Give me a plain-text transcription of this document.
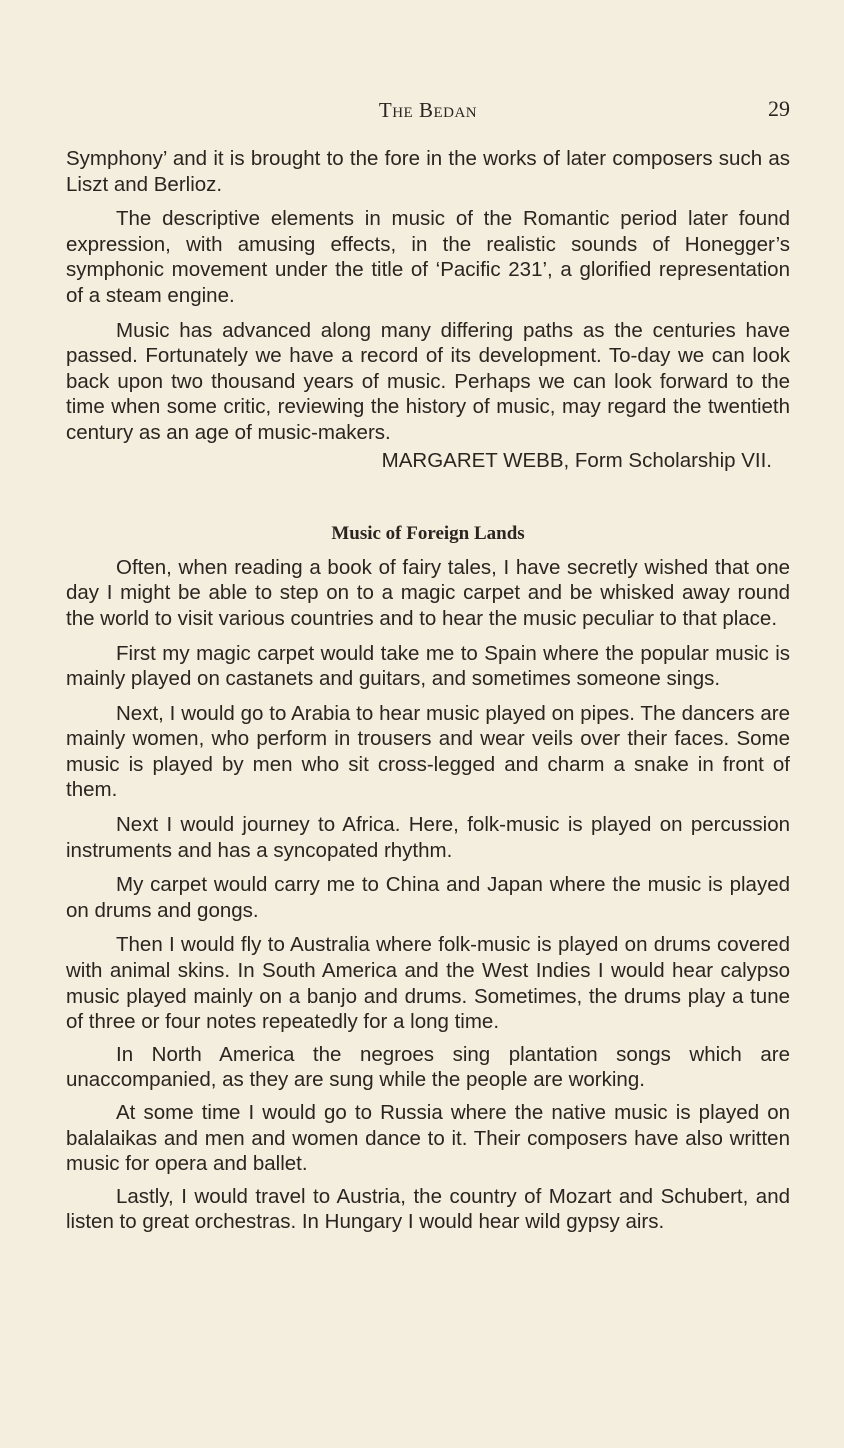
The Bedan	29

Symphony’ and it is brought to the fore in the works of later composers such as Liszt and Berlioz.

The descriptive elements in music of the Romantic period later found expression, with amusing effects, in the realistic sounds of Honegger’s symphonic movement under the title of ‘Pacific 231’, a glorified representation of a steam engine.

Music has advanced along many differing paths as the centuries have passed. Fortunately we have a record of its development. To-day we can look back upon two thousand years of music. Perhaps we can look forward to the time when some critic, reviewing the history of music, may regard the twentieth century as an age of music-makers.

MARGARET WEBB, Form Scholarship VII.

Music of Foreign Lands

Often, when reading a book of fairy tales, I have secretly wished that one day I might be able to step on to a magic carpet and be whisked away round the world to visit various countries and to hear the music peculiar to that place.

First my magic carpet would take me to Spain where the popular music is mainly played on castanets and guitars, and sometimes someone sings.

Next, I would go to Arabia to hear music played on pipes. The dancers are mainly women, who perform in trousers and wear veils over their faces. Some music is played by men who sit cross-legged and charm a snake in front of them.

Next I would journey to Africa. Here, folk-music is played on percussion instruments and has a syncopated rhythm.

My carpet would carry me to China and Japan where the music is played on drums and gongs.

Then I would fly to Australia where folk-music is played on drums covered with animal skins. In South America and the West Indies I would hear calypso music played mainly on a banjo and drums. Sometimes, the drums play a tune of three or four notes repeatedly for a long time.

In North America the negroes sing plantation songs which are unaccompanied, as they are sung while the people are working.

At some time I would go to Russia where the native music is played on balalaikas and men and women dance to it. Their composers have also written music for opera and ballet.

Lastly, I would travel to Austria, the country of Mozart and Schubert, and listen to great orchestras. In Hungary I would hear wild gypsy airs.
